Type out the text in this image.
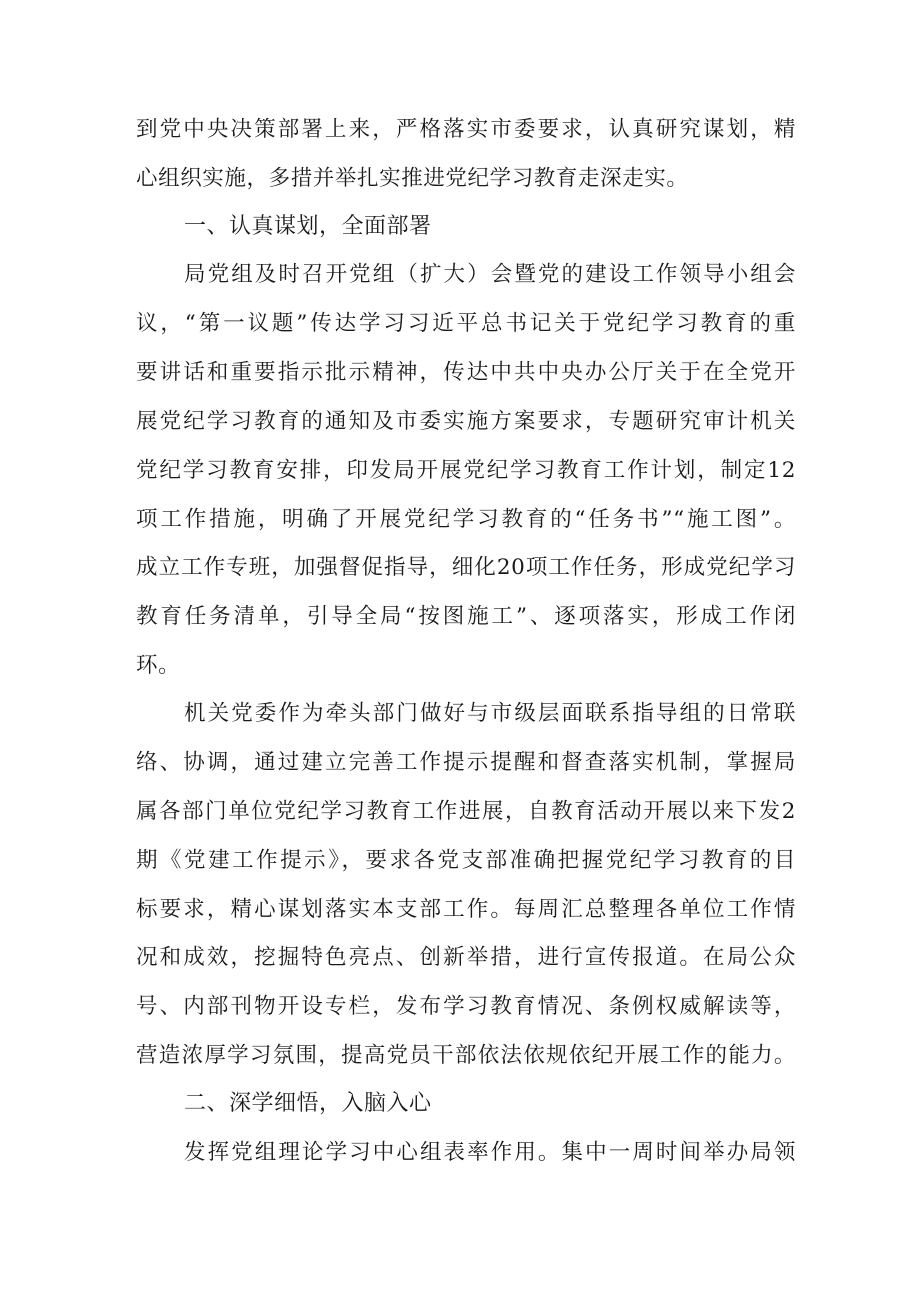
到党中央决策部署上来，严格落实市委要求，认真研究谋划，精
心组织实施，多措并举扎实推进党纪学习教育走深走实。
一、认真谋划，全面部署
局党组及时召开党组（扩大）会暨党的建设工作领导小组会
议，“第一议题”传达学习习近平总书记关于党纪学习教育的重
要讲话和重要指示批示精神，传达中共中央办公厅关于在全党开
展党纪学习教育的通知及市委实施方案要求，专题研究审计机关
党纪学习教育安排，印发局开展党纪学习教育工作计划，制定12
项工作措施，明确了开展党纪学习教育的“任务书”“施工图”。
成立工作专班，加强督促指导，细化20项工作任务，形成党纪学习
教育任务清单，引导全局“按图施工”、逐项落实，形成工作闭
环。
机关党委作为牵头部门做好与市级层面联系指导组的日常联
络、协调，通过建立完善工作提示提醒和督查落实机制，掌握局
属各部门单位党纪学习教育工作进展，自教育活动开展以来下发2
期《党建工作提示》，要求各党支部准确把握党纪学习教育的目
标要求，精心谋划落实本支部工作。每周汇总整理各单位工作情
况和成效，挖掘特色亮点、创新举措，进行宣传报道。在局公众
号、内部刊物开设专栏，发布学习教育情况、条例权威解读等，
营造浓厚学习氛围，提高党员干部依法依规依纪开展工作的能力。
二、深学细悟，入脑入心
发挥党组理论学习中心组表率作用。集中一周时间举办局领
